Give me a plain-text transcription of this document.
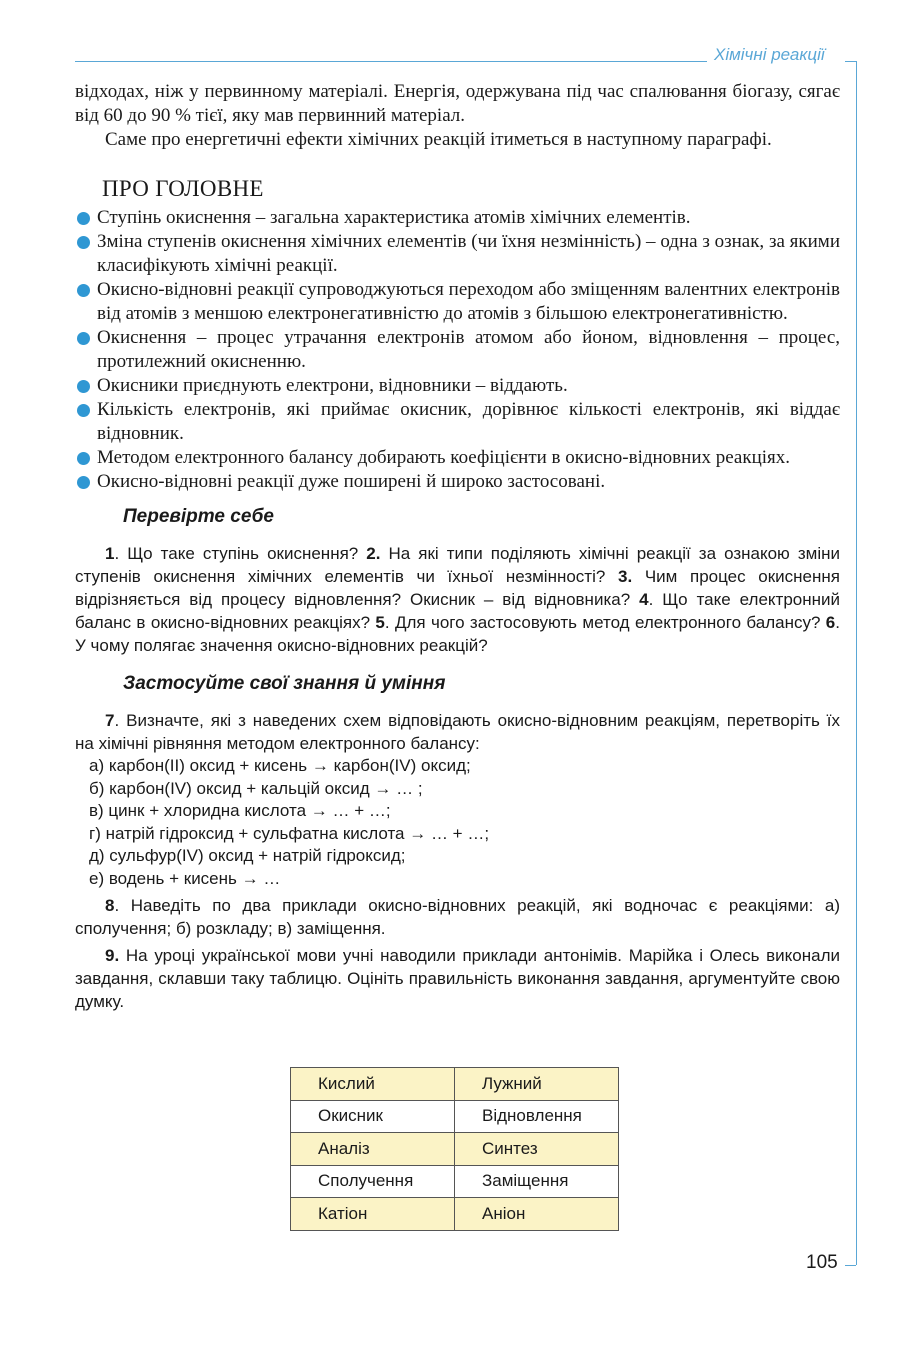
Хімічні реакції
105

відходах, ніж у первинному матеріалі. Енергія, одержувана під час спалювання біогазу, сягає від 60 до 90 % тієї, яку мав первинний матеріал.

Саме про енергетичні ефекти хімічних реакцій ітиметься в наступному параграфі.

ПРО ГОЛОВНЕ
Ступінь окиснення – загальна характеристика атомів хімічних елементів.
Зміна ступенів окиснення хімічних елементів (чи їхня незмінність) – одна з ознак, за якими класифікують хімічні реакції.
Окисно-відновні реакції супроводжуються переходом або зміщенням валентних електронів від атомів з меншою електронегативністю до атомів з більшою електронегативністю.
Окиснення – процес утрачання електронів атомом або йоном, відновлення – процес, протилежний окисненню.
Окисники приєднують електрони, відновники – віддають.
Кількість електронів, які приймає окисник, дорівнює кількості електронів, які віддає відновник.
Методом електронного балансу добирають коефіцієнти в окисно-відновних реакціях.
Окисно-відновні реакції дуже поширені й широко застосовані.
Перевірте себе

1. Що таке ступінь окиснення? 2. На які типи поділяють хімічні реакції за ознакою зміни ступенів окиснення хімічних елементів чи їхньої незмінності? 3. Чим процес окиснення відрізняється від процесу відновлення? Окисник – від відновника? 4. Що таке електронний баланс в окисно-відновних реакціях? 5. Для чого застосовують метод електронного балансу? 6. У чому полягає значення окисно-відновних реакцій?

Застосуйте свої знання й уміння

7. Визначте, які з наведених схем відповідають окисно-відновним реакціям, перетворіть їх на хімічні рівняння методом електронного балансу:

а) карбон(ІІ) оксид + кисень → карбон(IV) оксид;
б) карбон(IV) оксид + кальцій оксид → … ;
в) цинк + хлоридна кислота → … + …;
г) натрій гідроксид + сульфатна кислота → … + …;
д) сульфур(IV) оксид + натрій гідроксид;
е) водень + кисень → …

8. Наведіть по два приклади окисно-відновних реакцій, які водночас є реакціями: а) сполучення; б) розкладу; в) заміщення.

9. На уроці української мови учні наводили приклади антонімів. Марійка і Олесь виконали завдання, склавши таку таблицю. Оцініть правильність виконання завдання, аргументуйте свою думку.

Кислий	Лужний
Окисник	Відновлення
Аналіз	Синтез
Сполучення	Заміщення
Катіон	Аніон
